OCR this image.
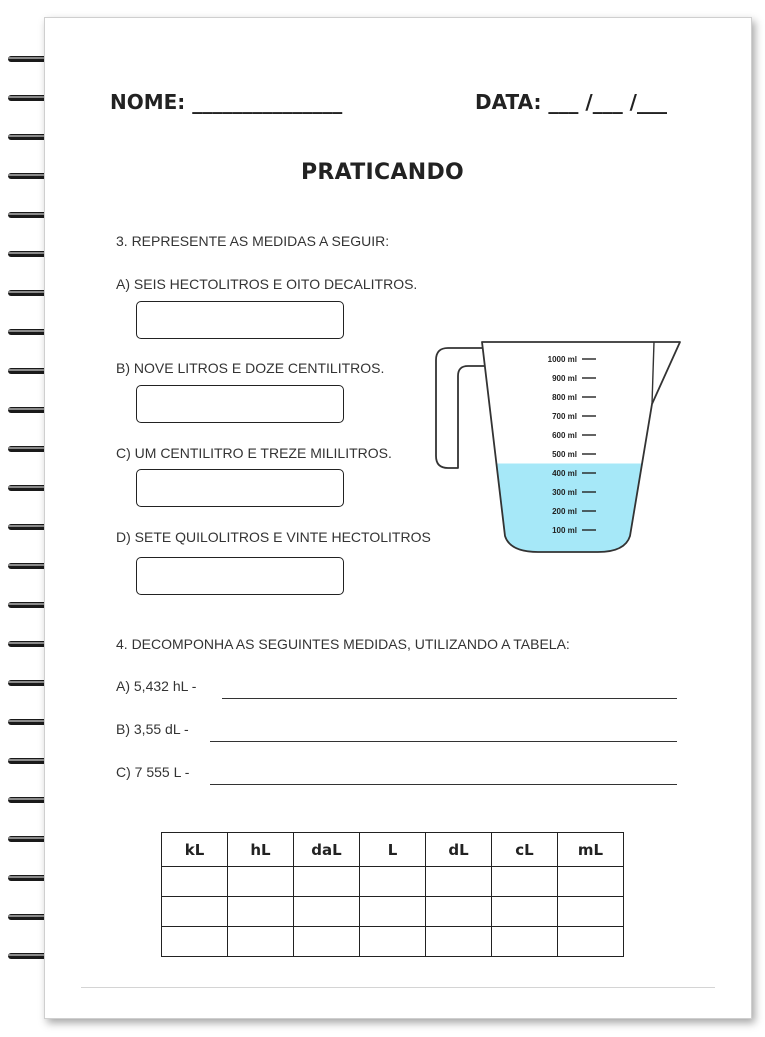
NOME: _______________	DATA: ___ /___ /___
PRATICANDO
3. REPRESENTE AS MEDIDAS A SEGUIR:
A) SEIS HECTOLITROS E OITO DECALITROS.
B) NOVE LITROS E DOZE CENTILITROS.
C) UM CENTILITRO E TREZE MILILITROS.
D) SETE QUILOLITROS E VINTE HECTOLITROS
1000 ml
900 ml
800 ml
700 ml
600 ml
500 ml
400 ml
300 ml
200 ml
100 ml
4. DECOMPONHA AS SEGUINTES MEDIDAS, UTILIZANDO A TABELA:
A) 5,432 hL -
B) 3,55 dL -
C) 7 555 L -
kL	hL	daL	L	dL	cL	mL
